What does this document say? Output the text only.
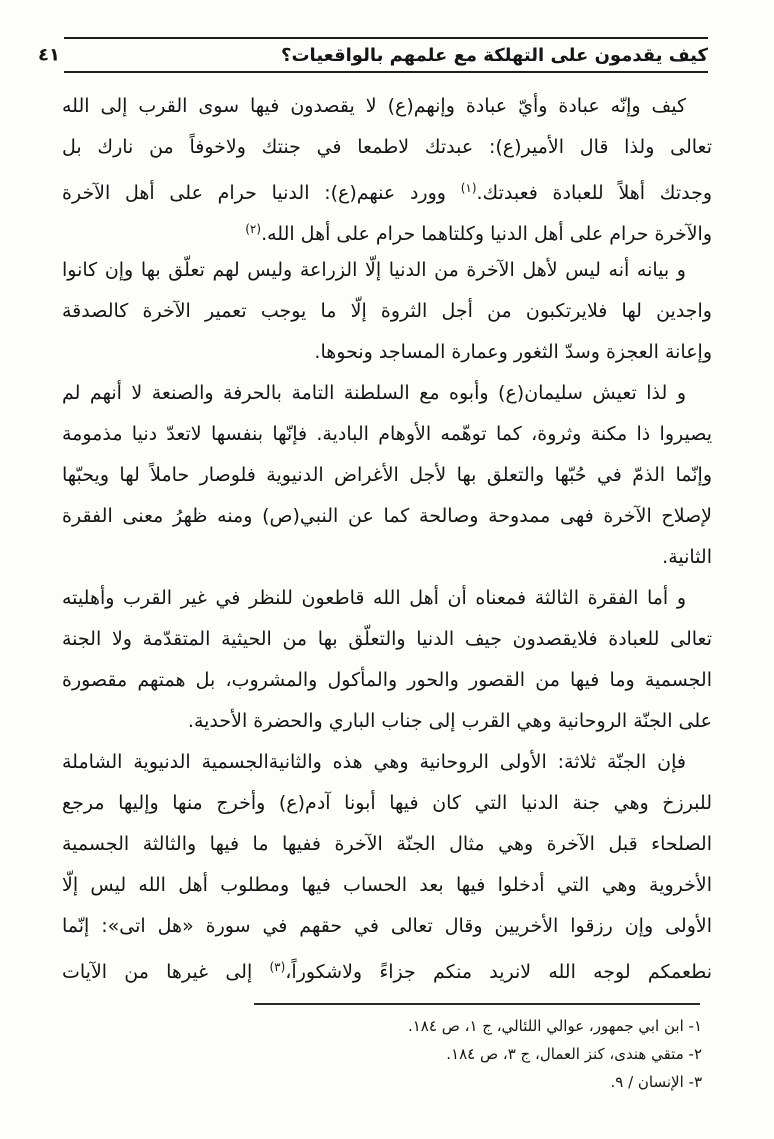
٤١	كيف يقدمون على التهلكة مع علمهم بالواقعيات؟
كيف وإنّه عبادة وأيّ عبادة وإنهم(ع) لا يقصدون فيها سوى القرب إلى الله
تعالى ولذا قال الأمير(ع): عبدتك لاطمعا في جنتك ولاخوفاً من نارك بل
وجدتك أهلاً للعبادة فعبدتك.$^{(١)}$ وورد عنهم(ع): الدنيا حرام على أهل الآخرة
والآخرة حرام على أهل الدنيا وكلتاهما حرام على أهل الله.$^{(٢)}$
و بيانه أنه ليس لأهل الآخرة من الدنيا إلّا الزراعة وليس لهم تعلّق بها وإن كانوا
واجدين لها فلايرتكبون من أجل الثروة إلّا ما يوجب تعمير الآخرة كالصدقة
وإعانة العجزة وسدّ الثغور وعمارة المساجد ونحوها.
و لذا تعيش سليمان(ع) وأبوه مع السلطنة التامة بالحرفة والصنعة لا أنهم لم
يصيروا ذا مكنة وثروة، كما توهّمه الأوهام البادية. فإنّها بنفسها لاتعدّ دنيا مذمومة
وإنّما الذمّ في حُبّها والتعلق بها لأجل الأغراض الدنيوية فلوصار حاملاً لها ويحبّها
لإصلاح الآخرة فهى ممدوحة وصالحة كما عن النبي(ص) ومنه ظهرُ معنى الفقرة
الثانية.
و أما الفقرة الثالثة فمعناه أن أهل الله قاطعون للنظر في غير القرب وأهليته
تعالى للعبادة فلايقصدون جيف الدنيا والتعلّق بها من الحيثية المتقدّمة ولا الجنة
الجسمية وما فيها من القصور والحور والمأكول والمشروب، بل همتهم مقصورة
على الجنّة الروحانية وهي القرب إلى جناب الباري والحضرة الأحدية.
فإن الجنّة ثلاثة: الأولى الروحانية وهي هذه والثانيةالجسمية الدنيوية الشاملة
للبرزخ وهي جنة الدنيا التي كان فيها أبونا آدم(ع) وأخرج منها وإليها مرجع
الصلحاء قبل الآخرة وهي مثال الجنّة الآخرة ففيها ما فيها والثالثة الجسمية
الأخروية وهي التي أدخلوا فيها بعد الحساب فيها ومطلوب أهل الله ليس إلّا
الأولى وإن رزقوا الأخريين وقال تعالى في حقهم في سورة «هل اتى»: إنّما
نطعمكم لوجه الله لانريد منكم جزاءً ولاشكوراً،$^{(٣)}$ إلى غيرها من الآيات
١- ابن ابي جمهور، عوالي اللئالي، ج ١، ص ١٨٤.
٢- متقي هندى، كنز العمال، ج ٣، ص ١٨٤.
٣- الإنسان / ٩.
